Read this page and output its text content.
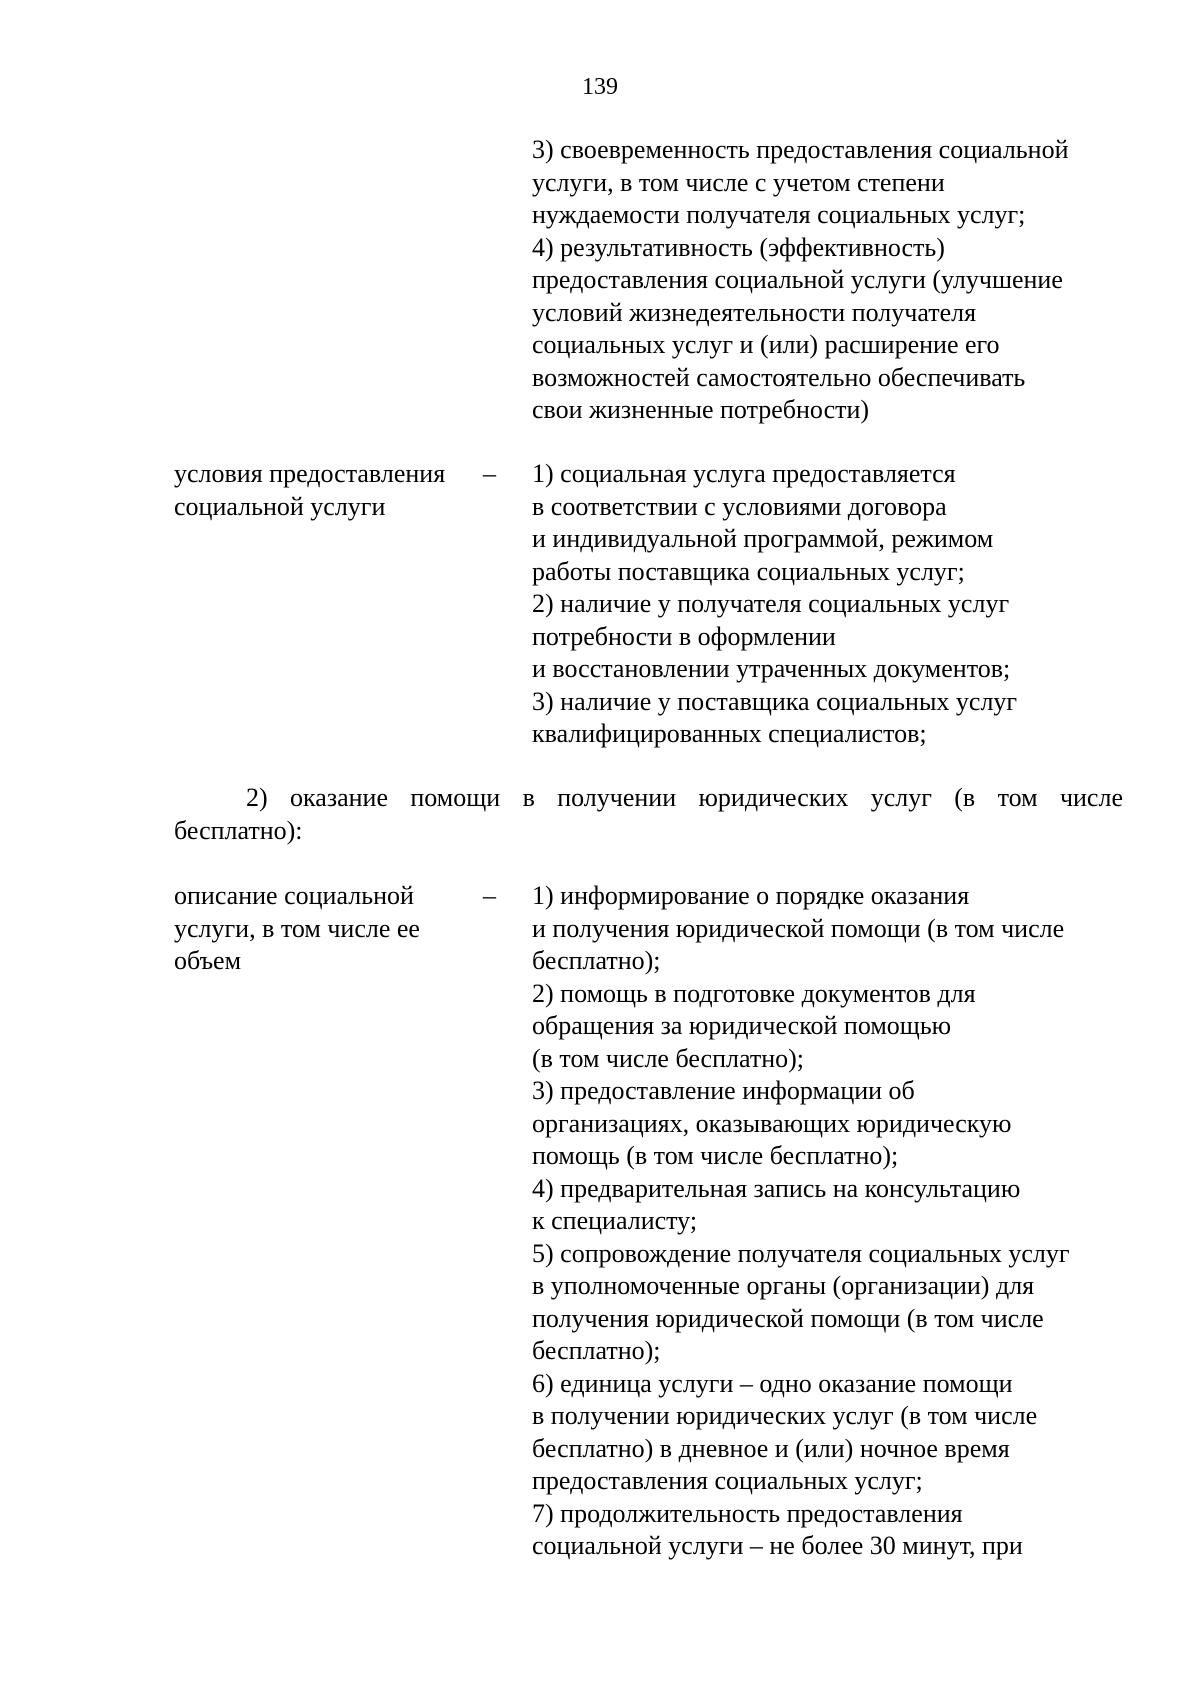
139
3) своевременность предоставления социальной
услуги, в том числе с учетом степени
нуждаемости получателя социальных услуг;
4) результативность (эффективность)
предоставления социальной услуги (улучшение
условий жизнедеятельности получателя
социальных услуг и (или) расширение его
возможностей самостоятельно обеспечивать
свои жизненные потребности)
условия предоставления
социальной услуги
– 1) социальная услуга предоставляется
в соответствии с условиями договора
и индивидуальной программой, режимом
работы поставщика социальных услуг;
2) наличие у получателя социальных услуг
потребности в оформлении
и восстановлении утраченных документов;
3) наличие у поставщика социальных услуг
квалифицированных специалистов;
2) оказание помощи в получении юридических услуг (в том числе
бесплатно):
описание социальной
услуги, в том числе ее
объем
– 1) информирование о порядке оказания
и получения юридической помощи (в том числе
бесплатно);
2) помощь в подготовке документов для
обращения за юридической помощью
(в том числе бесплатно);
3) предоставление информации об
организациях, оказывающих юридическую
помощь (в том числе бесплатно);
4) предварительная запись на консультацию
к специалисту;
5) сопровождение получателя социальных услуг
в уполномоченные органы (организации) для
получения юридической помощи (в том числе
бесплатно);
6) единица услуги – одно оказание помощи
в получении юридических услуг (в том числе
бесплатно) в дневное и (или) ночное время
предоставления социальных услуг;
7) продолжительность предоставления
социальной услуги – не более 30 минут, при
